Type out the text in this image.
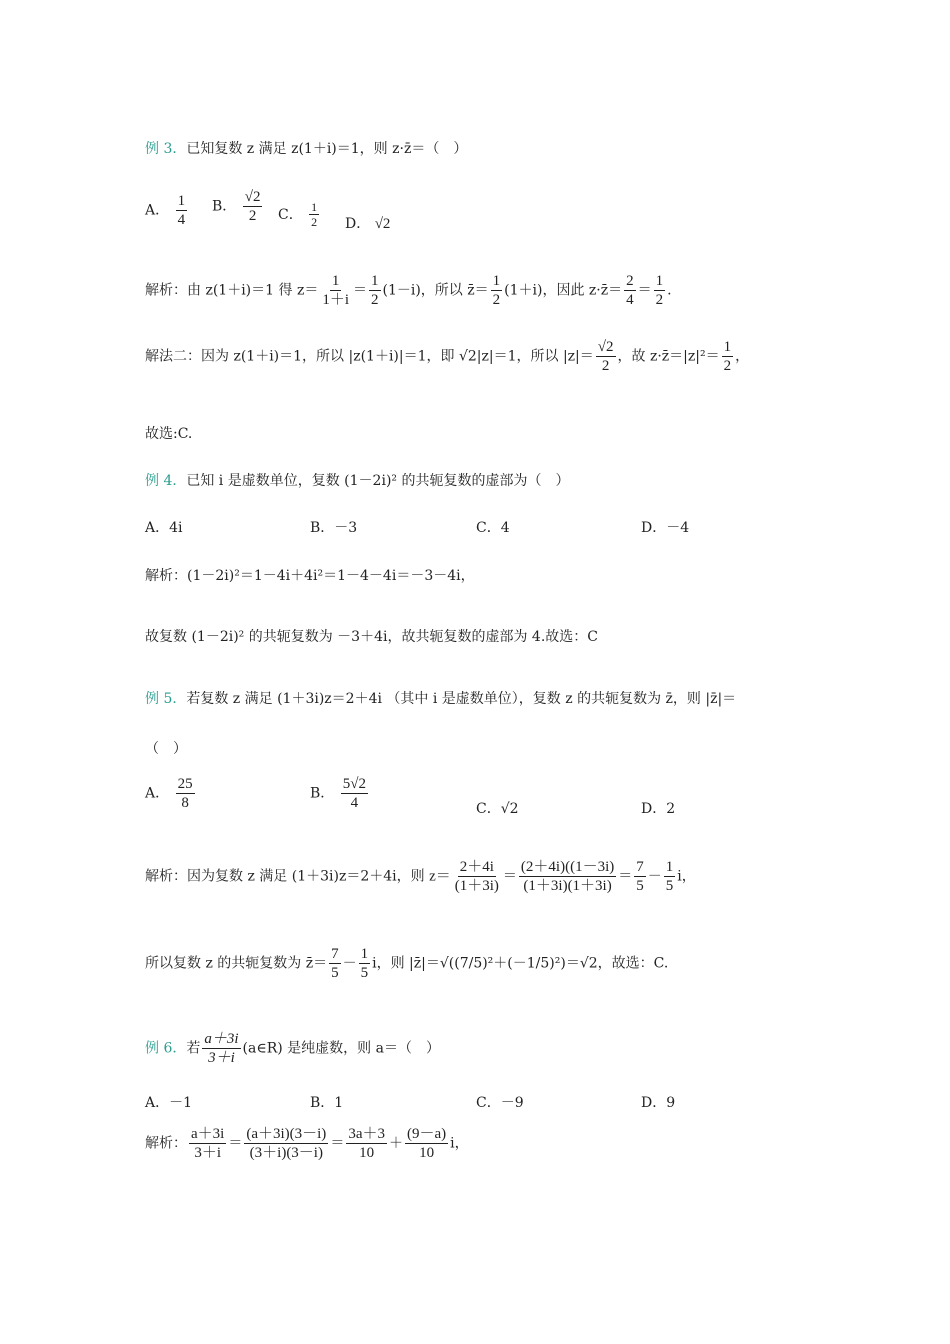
例 3．已知复数 z 满足 z(1＋i)＝1，则 z·z̄＝（　）
A． $\frac{1}{4}$ B． $\frac{√2}{2}$ C． $\frac{1}{2}$ D． √2
解析：由 z(1＋i)＝1 得 $z= \frac{1}{1+i} = \frac{1}{2} (1-i)$，所以 z̄＝ $\frac{1}{2} (1+i)$，因此 z·z̄＝ $\frac{2}{4} = \frac{1}{2}$ .
解法二：因为 z(1＋i)＝1，所以 |z(1＋i)|＝1，即 √2|z|＝1，所以 $|z|= \frac{√2}{2}$ ，故 z·z̄＝|z|²＝ $\frac{1}{2}$ ，
故选:C.
例 4．已知 i 是虚数单位，复数 (1－2i)² 的共轭复数的虚部为（　）
A．4i	B．－3	C．4	D．－4
解析：(1－2i)²＝1－4i＋4i²＝1－4－4i＝－3－4i，
故复数 (1－2i)² 的共轭复数为 －3＋4i，故共轭复数的虚部为 4.故选：C
例 5．若复数 z 满足 (1＋3i)z＝2＋4i （其中 i 是虚数单位），复数 z 的共轭复数为 z̄，则 |z̄|＝
（　）
A． $\frac{25}{8}$	B． $\frac{5√2}{4}$	C．√2	D．2
解析：因为复数 z 满足 (1＋3i)z＝2＋4i，则 $z= \frac{2+4i}{(1+3i)} = \frac{(2+4i)((1-3i)}{(1+3i)(1+3i)} = \frac{7}{5} - \frac{1}{5}$ i，
所以复数 z 的共轭复数为 z̄＝ $\frac{7}{5} - \frac{1}{5}$ i，则 |z̄|＝√((7/5)²＋(－1/5)²)＝√2，故选：C.
例 6．若 $\frac{a+3i}{3+i}$ (a∈R) 是纯虚数，则 a＝（　）
A．－1	B．1	C．－9	D．9
解析： $\frac{a+3i}{3+i} = \frac{(a+3i)(3-i)}{(3+i)(3-i)} = \frac{3a+3}{10} + \frac{(9-a)}{10}$ i，
